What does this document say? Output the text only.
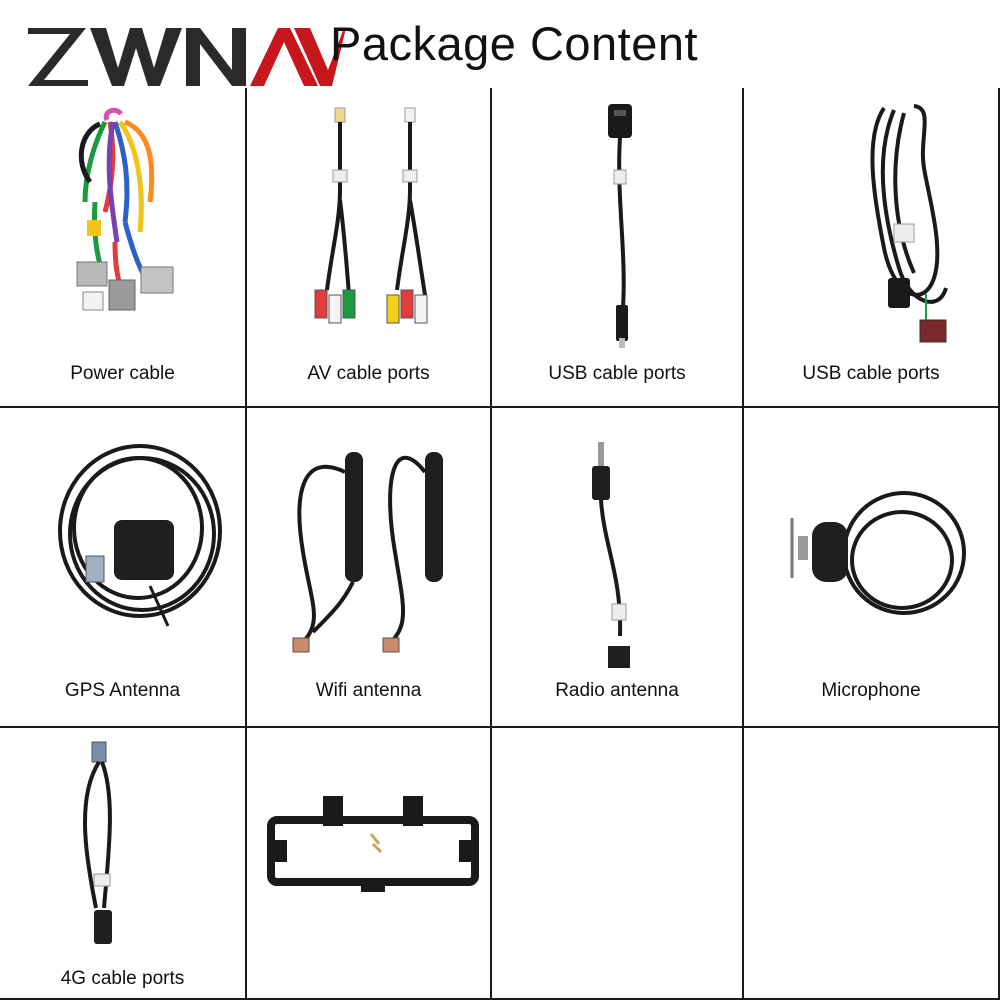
Package Content
Power cable	AV cable ports	USB cable ports	USB cable ports
GPS Antenna	Wifi antenna	Radio antenna	Microphone
4G cable ports
